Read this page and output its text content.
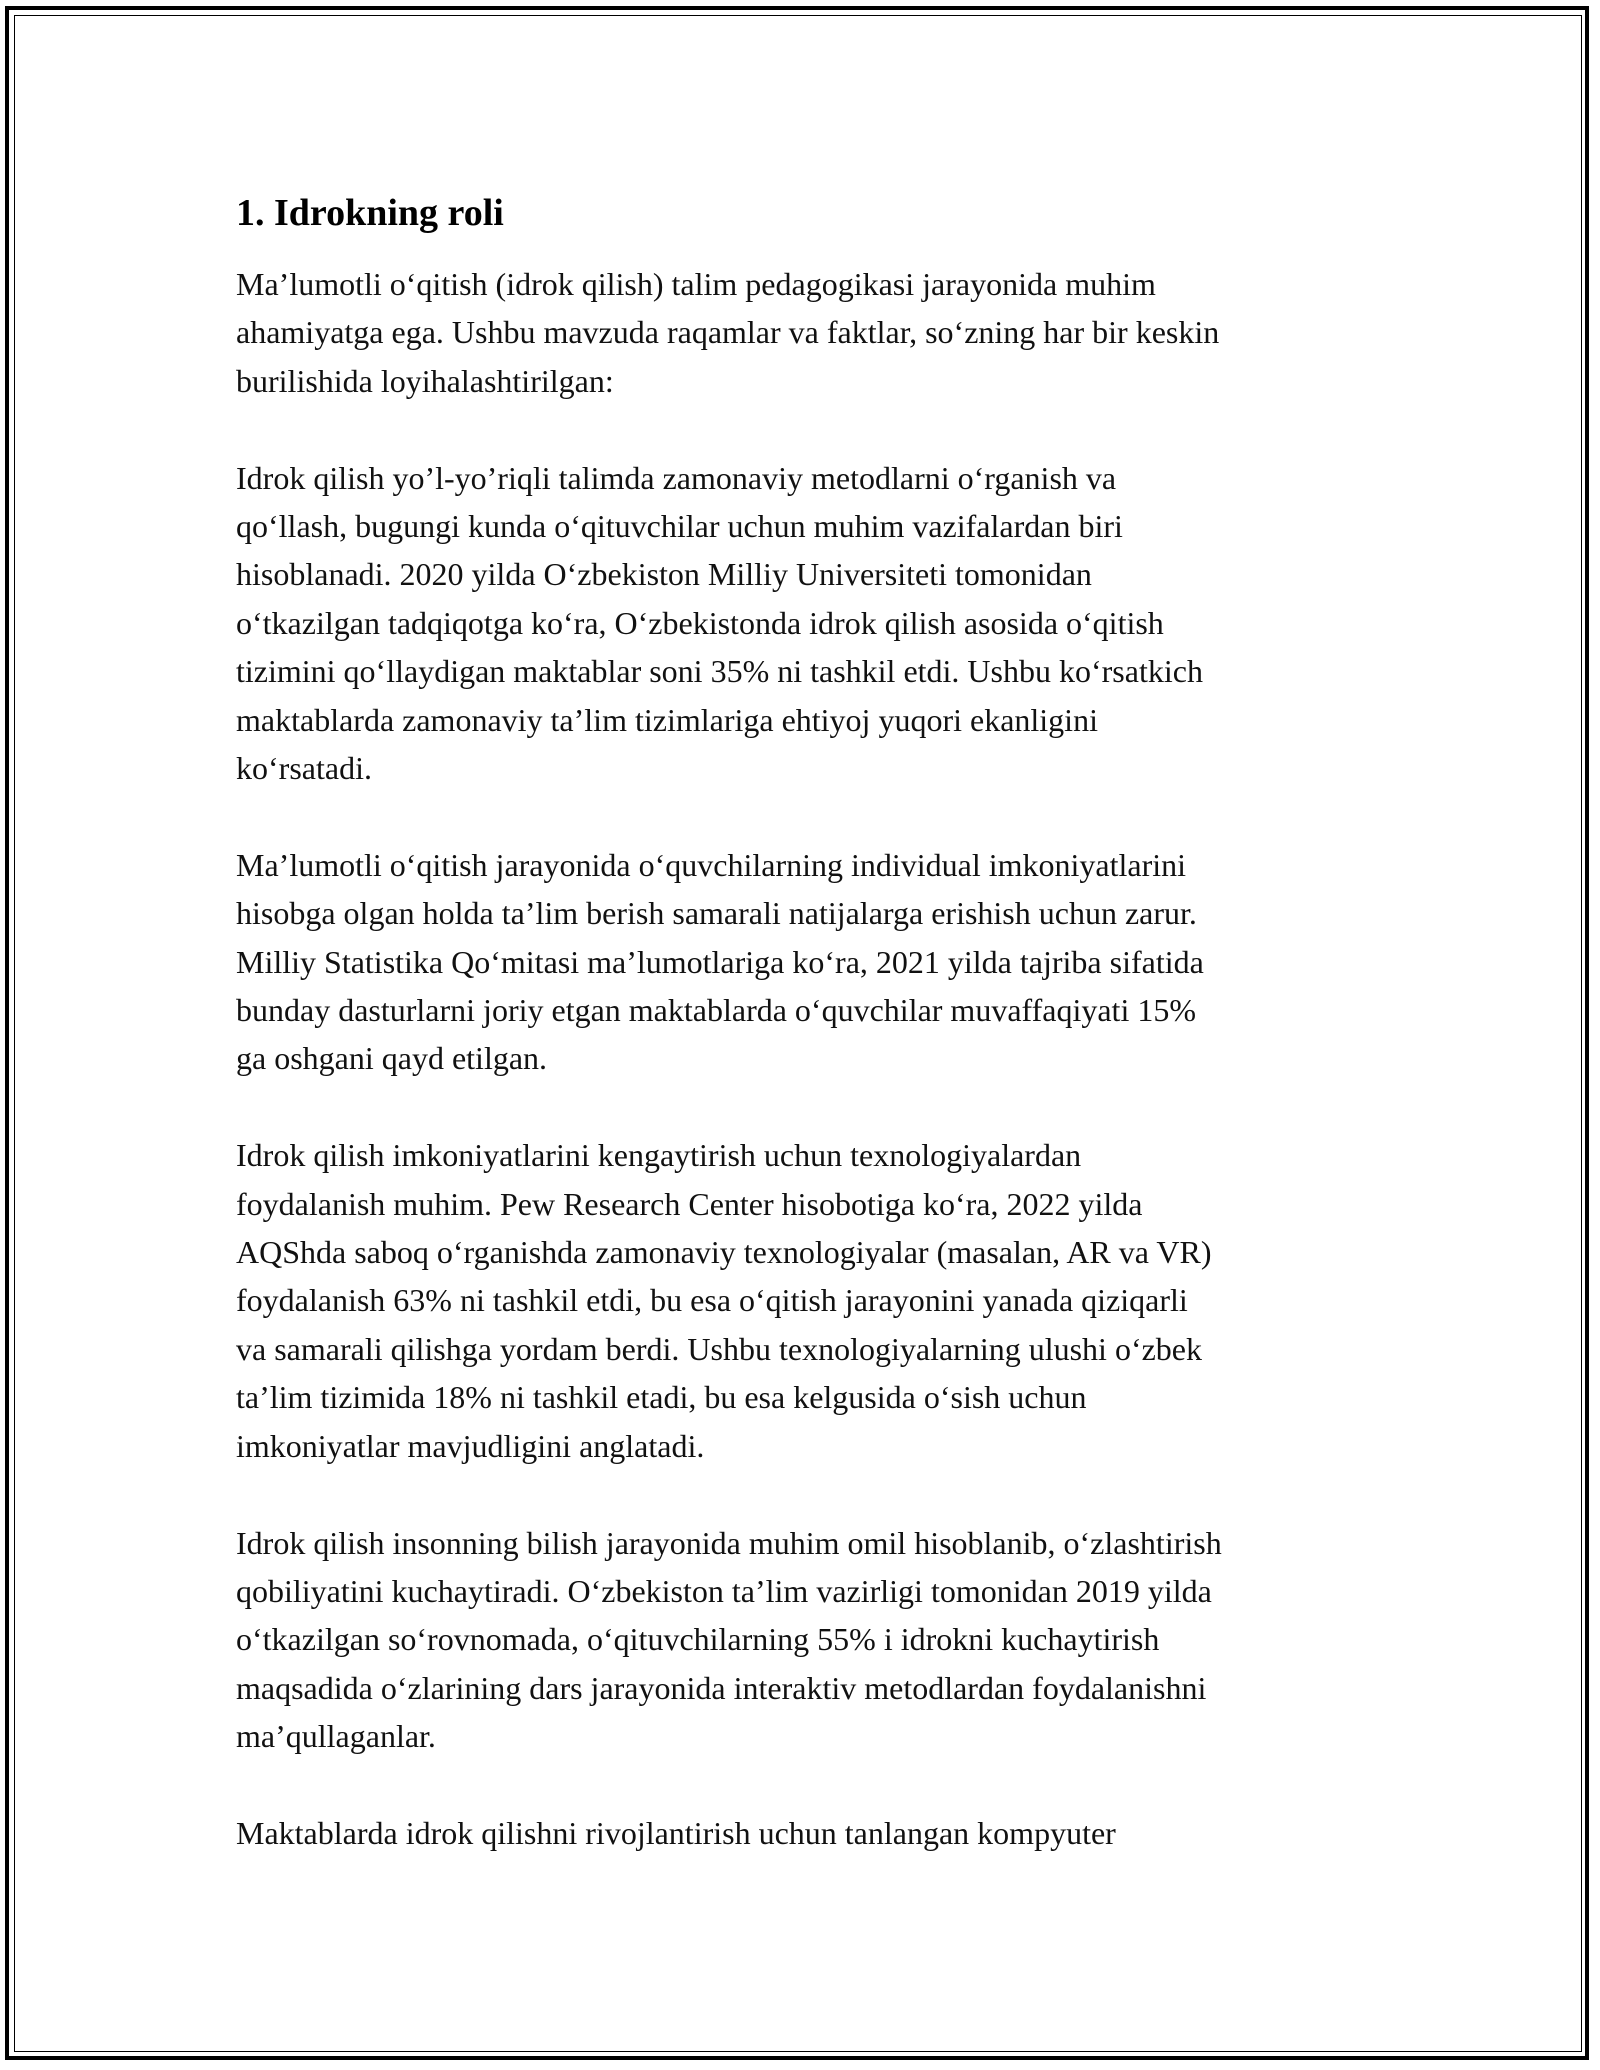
1. Idrokning roli

Ma’lumotli o‘qitish (idrok qilish) talim pedagogikasi jarayonida muhim
ahamiyatga ega. Ushbu mavzuda raqamlar va faktlar, so‘zning har bir keskin
burilishida loyihalashtirilgan:

Idrok qilish yo’l-yo’riqli talimda zamonaviy metodlarni o‘rganish va
qo‘llash, bugungi kunda o‘qituvchilar uchun muhim vazifalardan biri
hisoblanadi. 2020 yilda O‘zbekiston Milliy Universiteti tomonidan
o‘tkazilgan tadqiqotga ko‘ra, O‘zbekistonda idrok qilish asosida o‘qitish
tizimini qo‘llaydigan maktablar soni 35% ni tashkil etdi. Ushbu ko‘rsatkich
maktablarda zamonaviy ta’lim tizimlariga ehtiyoj yuqori ekanligini
ko‘rsatadi.

Ma’lumotli o‘qitish jarayonida o‘quvchilarning individual imkoniyatlarini
hisobga olgan holda ta’lim berish samarali natijalarga erishish uchun zarur.
Milliy Statistika Qo‘mitasi ma’lumotlariga ko‘ra, 2021 yilda tajriba sifatida
bunday dasturlarni joriy etgan maktablarda o‘quvchilar muvaffaqiyati 15%
ga oshgani qayd etilgan.

Idrok qilish imkoniyatlarini kengaytirish uchun texnologiyalardan
foydalanish muhim. Pew Research Center hisobotiga ko‘ra, 2022 yilda
AQShda saboq o‘rganishda zamonaviy texnologiyalar (masalan, AR va VR)
foydalanish 63% ni tashkil etdi, bu esa o‘qitish jarayonini yanada qiziqarli
va samarali qilishga yordam berdi. Ushbu texnologiyalarning ulushi o‘zbek
ta’lim tizimida 18% ni tashkil etadi, bu esa kelgusida o‘sish uchun
imkoniyatlar mavjudligini anglatadi.

Idrok qilish insonning bilish jarayonida muhim omil hisoblanib, o‘zlashtirish
qobiliyatini kuchaytiradi. O‘zbekiston ta’lim vazirligi tomonidan 2019 yilda
o‘tkazilgan so‘rovnomada, o‘qituvchilarning 55% i idrokni kuchaytirish
maqsadida o‘zlarining dars jarayonida interaktiv metodlardan foydalanishni
ma’qullaganlar.

Maktablarda idrok qilishni rivojlantirish uchun tanlangan kompyuter
